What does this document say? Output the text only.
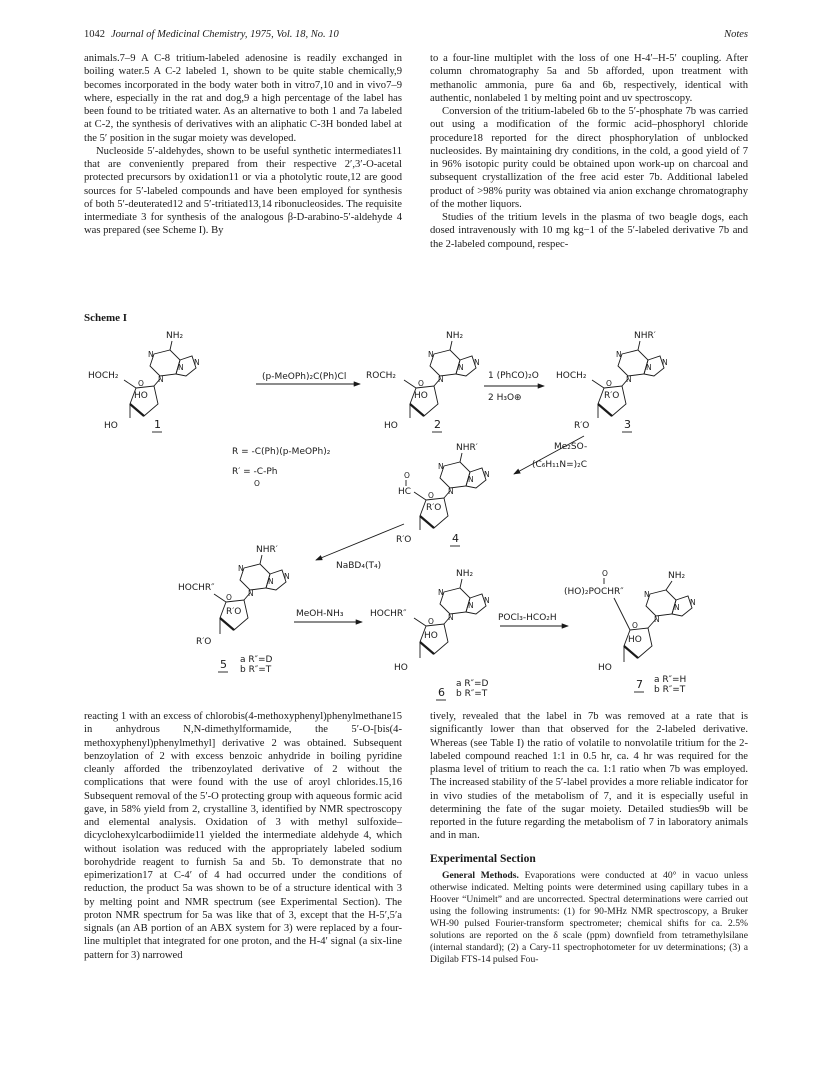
1042 Journal of Medicinal Chemistry, 1975, Vol. 18, No. 10	Notes

animals.7–9 A C-8 tritium-labeled adenosine is readily exchanged in boiling water.5 A C-2 labeled 1, shown to be quite stable chemically,9 becomes incorporated in the body water both in vitro7,10 and in vivo7–9 where, especially in the rat and dog,9 a high percentage of the label has been found to be tritiated water. As an alternative to both 1 and 7a labeled at C-2, the synthesis of derivatives with an aliphatic C-3H bonded label at the 5′ position in the sugar moiety was developed.

Nucleoside 5′-aldehydes, shown to be useful synthetic intermediates11 that are conveniently prepared from their respective 2′,3′-O-acetal protected precursors by oxidation11 or via a photolytic route,12 are good sources for 5′-labeled compounds and have been employed for synthesis of both 5′-deuterated12 and 5′-tritiated13,14 ribonucleosides. The requisite intermediate 3 for synthesis of the analogous β-D-arabino-5′-aldehyde 4 was prepared (see Scheme I). By

to a four-line multiplet with the loss of one H-4′–H-5′ coupling. After column chromatography 5a and 5b afforded, upon treatment with methanolic ammonia, pure 6a and 6b, respectively, identical with authentic, nonlabeled 1 by melting point and uv spectroscopy.

Conversion of the tritium-labeled 6b to the 5′-phosphate 7b was carried out using a modification of the formic acid–phosphoryl chloride procedure18 reported for the direct phosphorylation of unblocked nucleosides. By maintaining dry conditions, in the cold, a good yield of 7 in 96% isotopic purity could be obtained upon work-up on charcoal and subsequent crystallization of the free acid ester 7b. Additional labeled product of >98% purity was obtained via anion exchange chromatography of the mother liquors.

Studies of the tritium levels in the plasma of two beagle dogs, each dosed intravenously with 10 mg kg−1 of the 5′-labeled derivative 7b and the 2-labeled compound, respec-

Scheme I
NH₂
N
N
N
N
HOCH₂
O
HO
HO	1
(p-MeOPh)₂C(Ph)Cl
NH₂
N
N
N
N
ROCH₂
O
HO
HO	2
1 (PhCO)₂O
2 H₃O⊕
NHR′
N
N
N
N
HOCH₂
O
R′O
R′O	3
R = -C(Ph)(p-MeOPh)₂
R′ = -C-Ph
O
Me₂SO-
(C₆H₁₁N=)₂C
NHR′
N
N
N
N
O
HC O
R′O
R′O	4
NaBD₄(T₄)
NHR′
N
N
N
N
HOCHR″
O
R′O
R′O
5 a R″=D
b R″=T
MeOH-NH₃
NH₂
N
N
N
N
HOCHR″
O
HO
HO
6
a R″=D
b R″=T
POCl₃-HCO₂H
NH₂
N
N
N
N
O
(HO)₂POCHR″
O
HO
HO
7 a R″=H
b R″=T

reacting 1 with an excess of chlorobis(4-methoxyphenyl)phenylmethane15 in anhydrous N,N-dimethylformamide, the 5′-O-[bis(4-methoxyphenyl)phenylmethyl] derivative 2 was obtained. Subsequent benzoylation of 2 with excess benzoic anhydride in boiling pyridine cleanly afforded the tribenzoylated derivative of 2 without the complications that were found with the use of aroyl chlorides.15,16 Subsequent removal of the 5′-O protecting group with aqueous formic acid gave, in 58% yield from 2, crystalline 3, identified by NMR spectroscopy and elemental analysis. Oxidation of 3 with methyl sulfoxide–dicyclohexylcarbodiimide11 yielded the intermediate aldehyde 4, which without isolation was reduced with the appropriately labeled sodium borohydride reagent to furnish 5a and 5b. To demonstrate that no epimerization17 at C-4′ of 4 had occurred under the conditions of reduction, the product 5a was shown to be of a structure identical with 3 by melting point and NMR spectrum (see Experimental Section). The proton NMR spectrum for 5a was like that of 3, except that the H-5′,5′a signals (an AB portion of an ABX system for 3) were replaced by a four-line multiplet that integrated for one proton, and the H-4′ signal (a six-line pattern for 3) narrowed

tively, revealed that the label in 7b was removed at a rate that is significantly lower than that observed for the 2-labeled derivative. Whereas (see Table I) the ratio of volatile to nonvolatile tritium for the 2-labeled compound reached 1:1 in 0.5 hr, ca. 4 hr was required for the plasma level of tritium to reach the ca. 1:1 ratio when 7b was employed. The increased stability of the 5′-label provides a more reliable indicator for in vivo studies of the metabolism of 7, and it is especially useful in determining the fate of the sugar moiety. Detailed studies9b will be reported in the future regarding the metabolism of 7 in laboratory animals and in man.

Experimental Section

General Methods. Evaporations were conducted at 40° in vacuo unless otherwise indicated. Melting points were determined using capillary tubes in a Hoover “Unimelt” and are uncorrected. Spectral determinations were carried out using the following instruments: (1) for 90-MHz NMR spectroscopy, a Bruker WH-90 pulsed Fourier-transform spectrometer; chemical shifts for ca. 2.5% solutions are reported on the δ scale (ppm) downfield from tetramethylsilane (internal standard); (2) a Cary-11 spectrophotometer for uv determinations; (3) a Digilab FTS-14 pulsed Fou-
